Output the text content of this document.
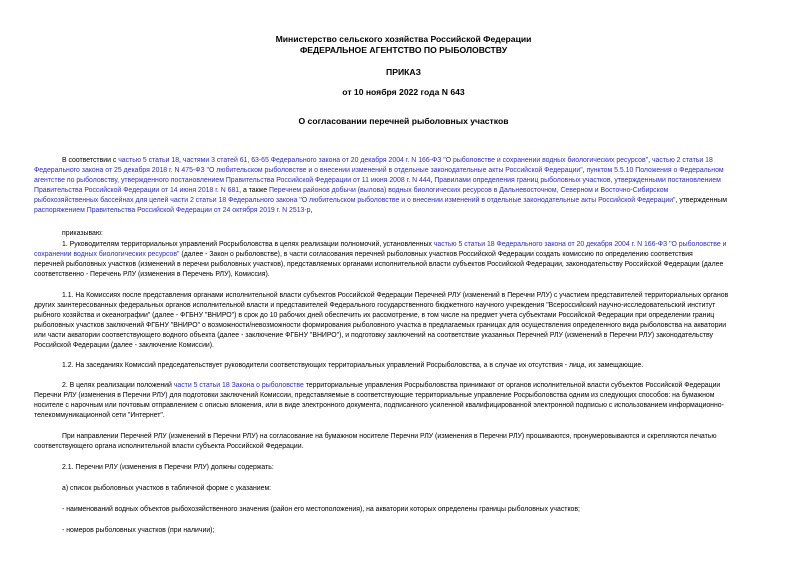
Министерство сельского хозяйства Российской Федерации
ФЕДЕРАЛЬНОЕ АГЕНТСТВО ПО РЫБОЛОВСТВУ
ПРИКАЗ
от 10 ноября 2022 года N 643
О согласовании перечней рыболовных участков
В соответствии с частью 5 статьи 18, частями 3 статей 61, 63-65 Федерального закона от 20 декабря 2004 г. N 166-ФЗ "О рыболовстве и сохранении водных биологических ресурсов", частью 2 статьи 18
Федерального закона от 25 декабря 2018 г. N 475-ФЗ "О любительском рыболовстве и о внесении изменений в отдельные законодательные акты Российской Федерации", пунктом 5.5.10 Положения о Федеральном
агентстве по рыболовству, утвержденного постановлением Правительства Российской Федерации от 11 июня 2008 г. N 444, Правилами определения границ рыболовных участков, утвержденными постановлением
Правительства Российской Федерации от 14 июня 2018 г. N 681, а также Перечнем районов добычи (вылова) водных биологических ресурсов в Дальневосточном, Северном и Восточно-Сибирском
рыбохозяйственных бассейнах для целей части 2 статьи 18 Федерального закона "О любительском рыболовстве и о внесении изменений в отдельные законодательные акты Российской Федерации", утвержденным
распоряжением Правительства Российской Федерации от 24 октября 2019 г. N 2513-р,
приказываю:
1. Руководителям территориальных управлений Росрыболовства в целях реализации полномочий, установленных частью 5 статьи 18 Федерального закона от 20 декабря 2004 г. N 166-ФЗ "О рыболовстве и
сохранении водных биологических ресурсов" (далее - Закон о рыболовстве), в части согласования перечней рыболовных участков Российской Федерации создать комиссию по определению соответствия
перечней рыболовных участков (изменений в перечни рыболовных участков), представляемых органами исполнительной власти субъектов Российской Федерации, законодательству Российской Федерации (далее
соответственно - Перечень РЛУ (изменения в Перечень РЛУ), Комиссия).
1.1. На Комиссиях после представления органами исполнительной власти субъектов Российской Федерации Перечней РЛУ (изменений в Перечни РЛУ) с участием представителей территориальных органов
других заинтересованных федеральных органов исполнительной власти и представителей Федерального государственного бюджетного научного учреждения "Всероссийский научно-исследовательский институт
рыбного хозяйства и океанографии" (далее - ФГБНУ "ВНИРО") в срок до 10 рабочих дней обеспечить их рассмотрение, в том числе на предмет учета субъектами Российской Федерации при определении границ
рыболовных участков заключений ФГБНУ "ВНИРО" о возможности/невозможности формирования рыболовного участка в предлагаемых границах для осуществления определенного вида рыболовства на акватории
или части акватории соответствующего водного объекта (далее - заключение ФГБНУ "ВНИРО"), и подготовку заключений на соответствие указанных Перечней РЛУ (изменений в Перечни РЛУ) законодательству
Российской Федерации (далее - заключение Комиссии).
1.2. На заседаниях Комиссий председательствует руководители соответствующих территориальных управлений Росрыболовства, а в случае их отсутствия - лица, их замещающие.
2. В целях реализации положений части 5 статьи 18 Закона о рыболовстве территориальные управления Росрыболовства принимают от органов исполнительной власти субъектов Российской Федерации
Перечни РЛУ (изменения в Перечни РЛУ) для подготовки заключений Комиссии, представляемые в соответствующие территориальные управление Росрыболовства одним из следующих способов: на бумажном
носителе с нарочным или почтовым отправлением с описью вложения, или в виде электронного документа, подписанного усиленной квалифицированной электронной подписью с использованием информационно-
телекоммуникационной сети "Интернет".
При направлении Перечней РЛУ (изменений в Перечни РЛУ) на согласование на бумажном носителе Перечни РЛУ (изменения в Перечни РЛУ) прошиваются, пронумеровываются и скрепляются печатью
соответствующего органа исполнительной власти субъекта Российской Федерации.
2.1. Перечни РЛУ (изменения в Перечни РЛУ) должны содержать:
а) список рыболовных участков в табличной форме с указанием:
- наименований водных объектов рыбохозяйственного значения (район его местоположения), на акватории которых определены границы рыболовных участков;
- номеров рыболовных участков (при наличии);
